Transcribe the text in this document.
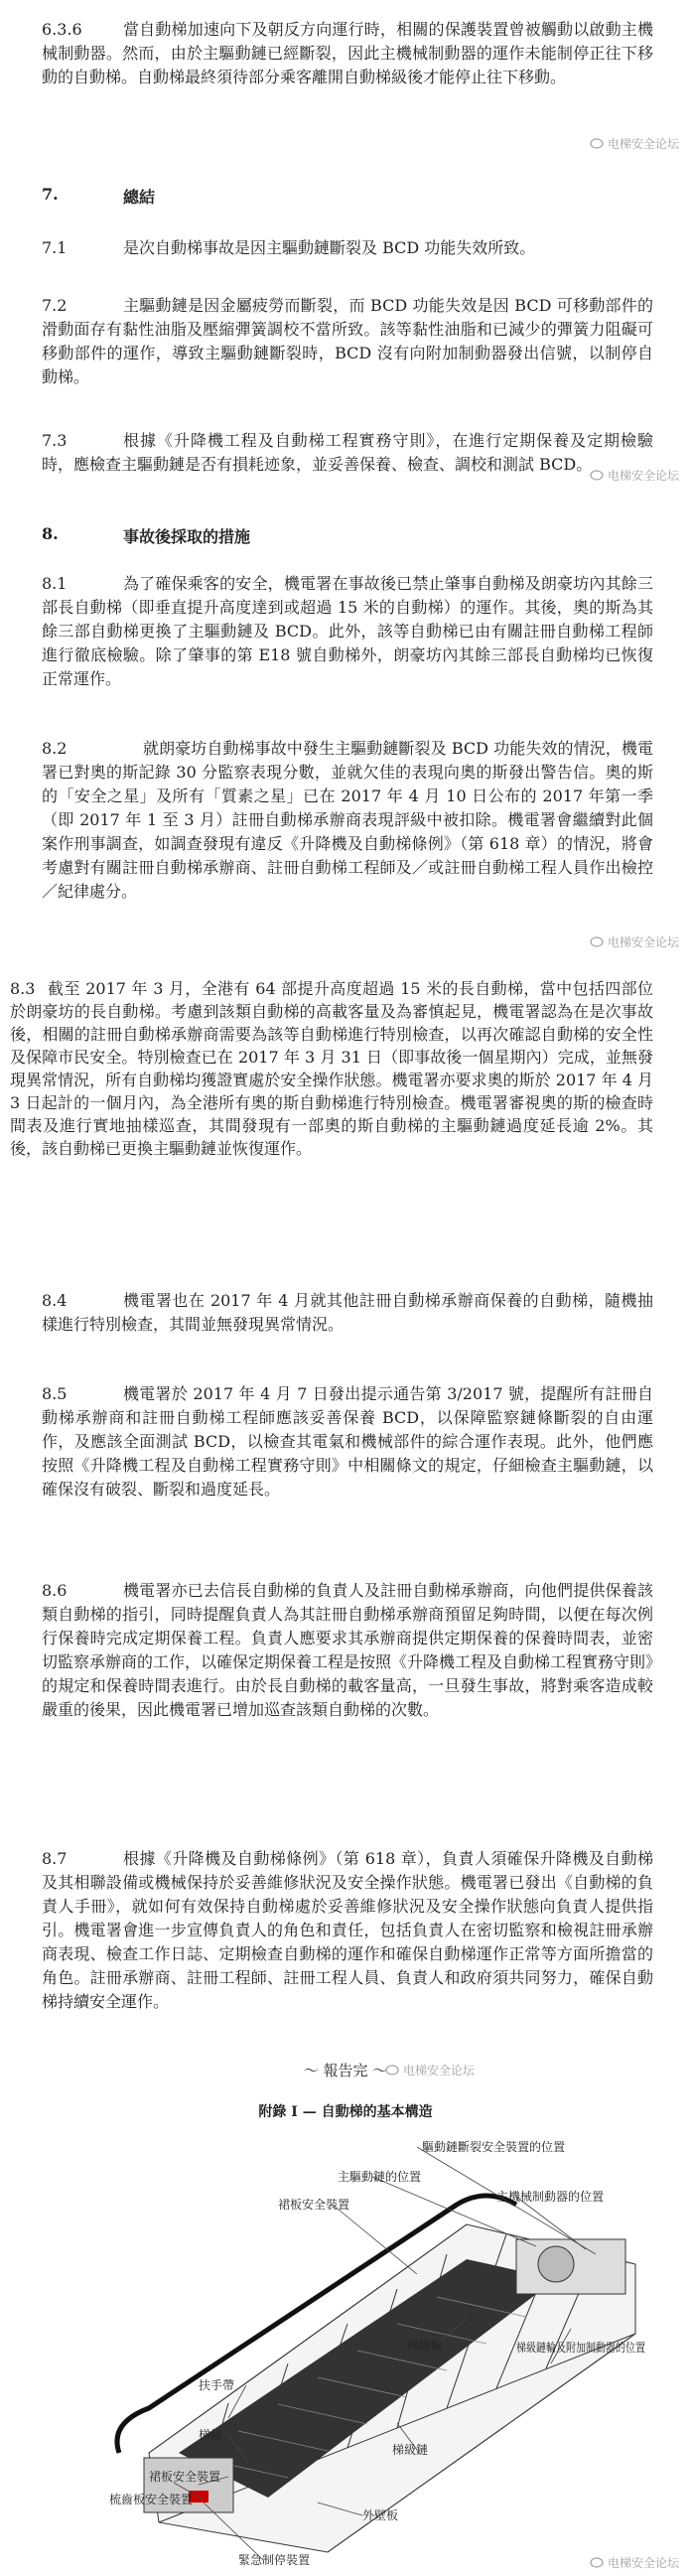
6.3.6	當自動梯加速向下及朝反方向運行時，相關的保護裝置曾被觸動以啟動主機械制動器。然而，由於主驅動鏈已經斷裂，因此主機械制動器的運作未能制停正往下移動的自動梯。自動梯最終須待部分乘客離開自動梯級後才能停止往下移動。

电梯安全论坛
7.	總結
7.1	是次自動梯事故是因主驅動鏈斷裂及 BCD 功能失效所致。

7.2	主驅動鏈是因金屬疲勞而斷裂，而 BCD 功能失效是因 BCD 可移動部件的滑動面存有黏性油脂及壓縮彈簧調校不當所致。該等黏性油脂和已減少的彈簧力阻礙可移動部件的運作，導致主驅動鏈斷裂時，BCD 沒有向附加制動器發出信號，以制停自動梯。

7.3	根據《升降機工程及自動梯工程實務守則》，在進行定期保養及定期檢驗時，應檢查主驅動鏈是否有損耗迹象，並妥善保養、檢查、調校和測試 BCD。

电梯安全论坛
8.	事故後採取的措施
8.1	為了確保乘客的安全，機電署在事故後已禁止肇事自動梯及朗豪坊內其餘三部長自動梯（即垂直提升高度達到或超過 15 米的自動梯）的運作。其後，奧的斯為其餘三部自動梯更換了主驅動鏈及 BCD。此外，該等自動梯已由有關註冊自動梯工程師進行徹底檢驗。除了肇事的第 E18 號自動梯外，朗豪坊內其餘三部長自動梯均已恢復正常運作。

8.2	就朗豪坊自動梯事故中發生主驅動鏈斷裂及 BCD 功能失效的情況，機電署已對奧的斯記錄 30 分監察表現分數，並就欠佳的表現向奧的斯發出警告信。奧的斯的「安全之星」及所有「質素之星」已在 2017 年 4 月 10 日公布的 2017 年第一季（即 2017 年 1 至 3 月）註冊自動梯承辦商表現評級中被扣除。機電署會繼續對此個案作刑事調查，如調查發現有違反《升降機及自動梯條例》（第 618 章）的情況，將會考慮對有關註冊自動梯承辦商、註冊自動梯工程師及／或註冊自動梯工程人員作出檢控／紀律處分。

电梯安全论坛
8.3 截至 2017 年 3 月，全港有 64 部提升高度超過 15 米的長自動梯，當中包括四部位於朗豪坊的長自動梯。考慮到該類自動梯的高載客量及為審慎起見，機電署認為在是次事故後，相關的註冊自動梯承辦商需要為該等自動梯進行特別檢查，以再次確認自動梯的安全性及保障市民安全。特別檢查已在 2017 年 3 月 31 日（即事故後一個星期內）完成，並無發現異常情況，所有自動梯均獲證實處於安全操作狀態。機電署亦要求奧的斯於 2017 年 4 月 3 日起計的一個月內，為全港所有奧的斯自動梯進行特別檢查。機電署審視奧的斯的檢查時間表及進行實地抽樣巡查，其間發現有一部奧的斯自動梯的主驅動鏈過度延長逾 2%。其後，該自動梯已更換主驅動鏈並恢復運作。

8.4	機電署也在 2017 年 4 月就其他註冊自動梯承辦商保養的自動梯，隨機抽樣進行特別檢查，其間並無發現異常情況。

8.5	機電署於 2017 年 4 月 7 日發出提示通告第 3/2017 號，提醒所有註冊自動梯承辦商和註冊自動梯工程師應該妥善保養 BCD，以保障監察鏈條斷裂的自由運作，及應該全面測試 BCD，以檢查其電氣和機械部件的綜合運作表現。此外，他們應按照《升降機工程及自動梯工程實務守則》中相關條文的規定，仔細檢查主驅動鏈，以確保沒有破裂、斷裂和過度延長。

8.6	機電署亦已去信長自動梯的負責人及註冊自動梯承辦商，向他們提供保養該類自動梯的指引，同時提醒負責人為其註冊自動梯承辦商預留足夠時間，以便在每次例行保養時完成定期保養工程。負責人應要求其承辦商提供定期保養的保養時間表，並密切監察承辦商的工作，以確保定期保養工程是按照《升降機工程及自動梯工程實務守則》的規定和保養時間表進行。由於長自動梯的載客量高，一旦發生事故，將對乘客造成較嚴重的後果，因此機電署已增加巡查該類自動梯的次數。

8.7	根據《升降機及自動梯條例》（第 618 章），負責人須確保升降機及自動梯及其相聯設備或機械保持於妥善維修狀況及安全操作狀態。機電署已發出《自動梯的負責人手冊》，就如何有效保持自動梯處於妥善維修狀況及安全操作狀態向負責人提供指引。機電署會進一步宣傳負責人的角色和責任，包括負責人在密切監察和檢視註冊承辦商表現、檢查工作日誌、定期檢查自動梯的運作和確保自動梯運作正常等方面所擔當的角色。註冊承辦商、註冊工程師、註冊工程人員、負責人和政府須共同努力，確保自動梯持續安全運作。

～ 報告完 ～	电梯安全论坛
附錄 I — 自動梯的基本構造
驅動鏈斷裂安全裝置的位置
主驅動鏈的位置
主機械制動器的位置
裙板安全裝置
梯級輪	梯級鏈輪及附加制動器的位置
扶手帶
梯級
梯級鏈
裙板安全裝置
梳齒板安全裝置
外壁板
緊急制停裝置	电梯安全论坛
